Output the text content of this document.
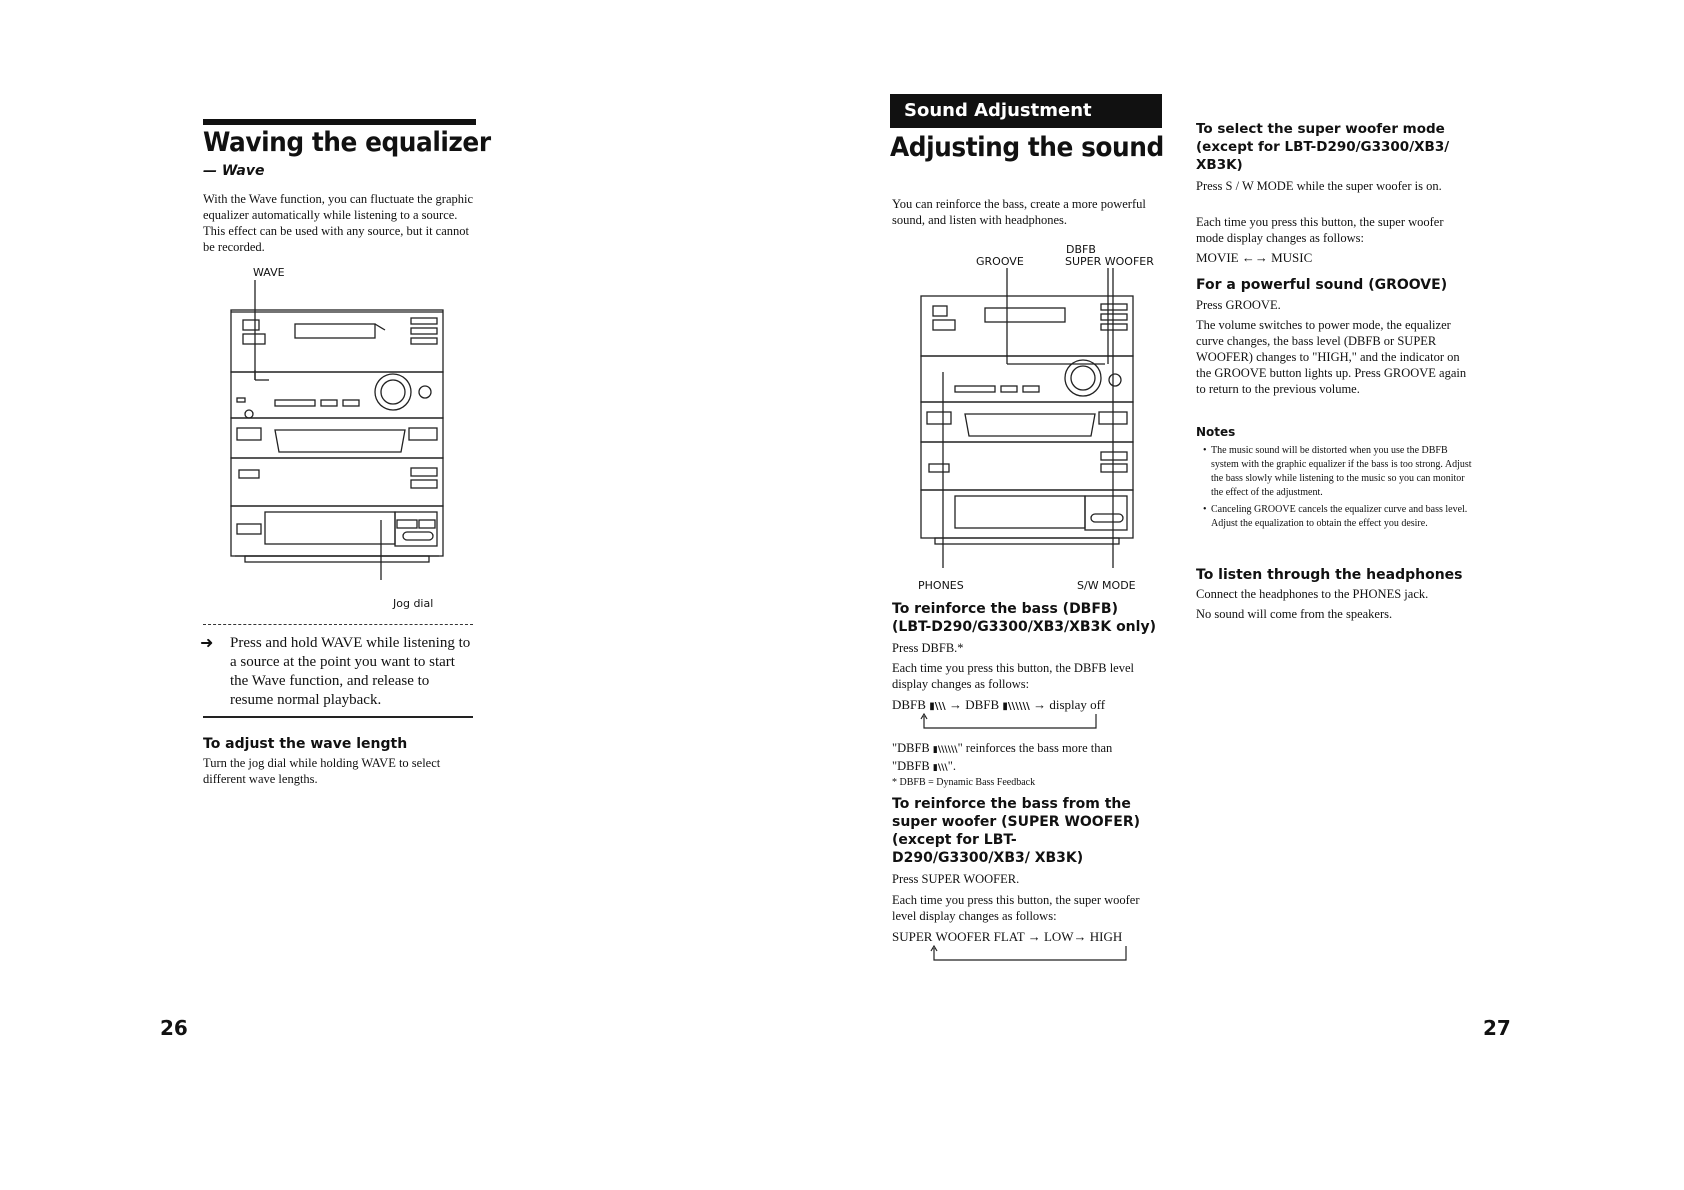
Waving the equalizer
— Wave
With the Wave function, you can fluctuate the graphic equalizer automatically while listening to a source. This effect can be used with any source, but it cannot be recorded.
WAVE
Jog dial
➜ Press and hold WAVE while listening to a source at the point you want to start the Wave function, and release to resume normal playback.
To adjust the wave length
Turn the jog dial while holding WAVE to select different wave lengths.
26
Sound Adjustment
Adjusting the sound
You can reinforce the bass, create a more powerful sound, and listen with headphones.
DBFB
GROOVE	SUPER WOOFER
PHONES	S/W MODE
To reinforce the bass (DBFB) (LBT-D290/G3300/XB3/XB3K only)
Press DBFB.*
Each time you press this button, the DBFB level display changes as follows:
DBFB ▮\\\ → DBFB ▮\\\\\\ → display off
"DBFB ▮\\\\\\" reinforces the bass more than
"DBFB ▮\\\".
* DBFB = Dynamic Bass Feedback
To reinforce the bass from the super woofer (SUPER WOOFER) (except for LBT-D290/G3300/XB3/ XB3K)
Press SUPER WOOFER.
Each time you press this button, the super woofer level display changes as follows:
SUPER WOOFER FLAT → LOW→ HIGH
To select the super woofer mode (except for LBT-D290/G3300/XB3/ XB3K)
Press S / W MODE while the super woofer is on.
Each time you press this button, the super woofer mode display changes as follows:
MOVIE ←→ MUSIC
For a powerful sound (GROOVE)
Press GROOVE.
The volume switches to power mode, the equalizer curve changes, the bass level (DBFB or SUPER WOOFER) changes to "HIGH," and the indicator on the GROOVE button lights up. Press GROOVE again to return to the previous volume.
Notes
• The music sound will be distorted when you use the DBFB system with the graphic equalizer if the bass is too strong. Adjust the bass slowly while listening to the music so you can monitor the effect of the adjustment.
• Canceling GROOVE cancels the equalizer curve and bass level. Adjust the equalization to obtain the effect you desire.
To listen through the headphones
Connect the headphones to the PHONES jack.
No sound will come from the speakers.
27
